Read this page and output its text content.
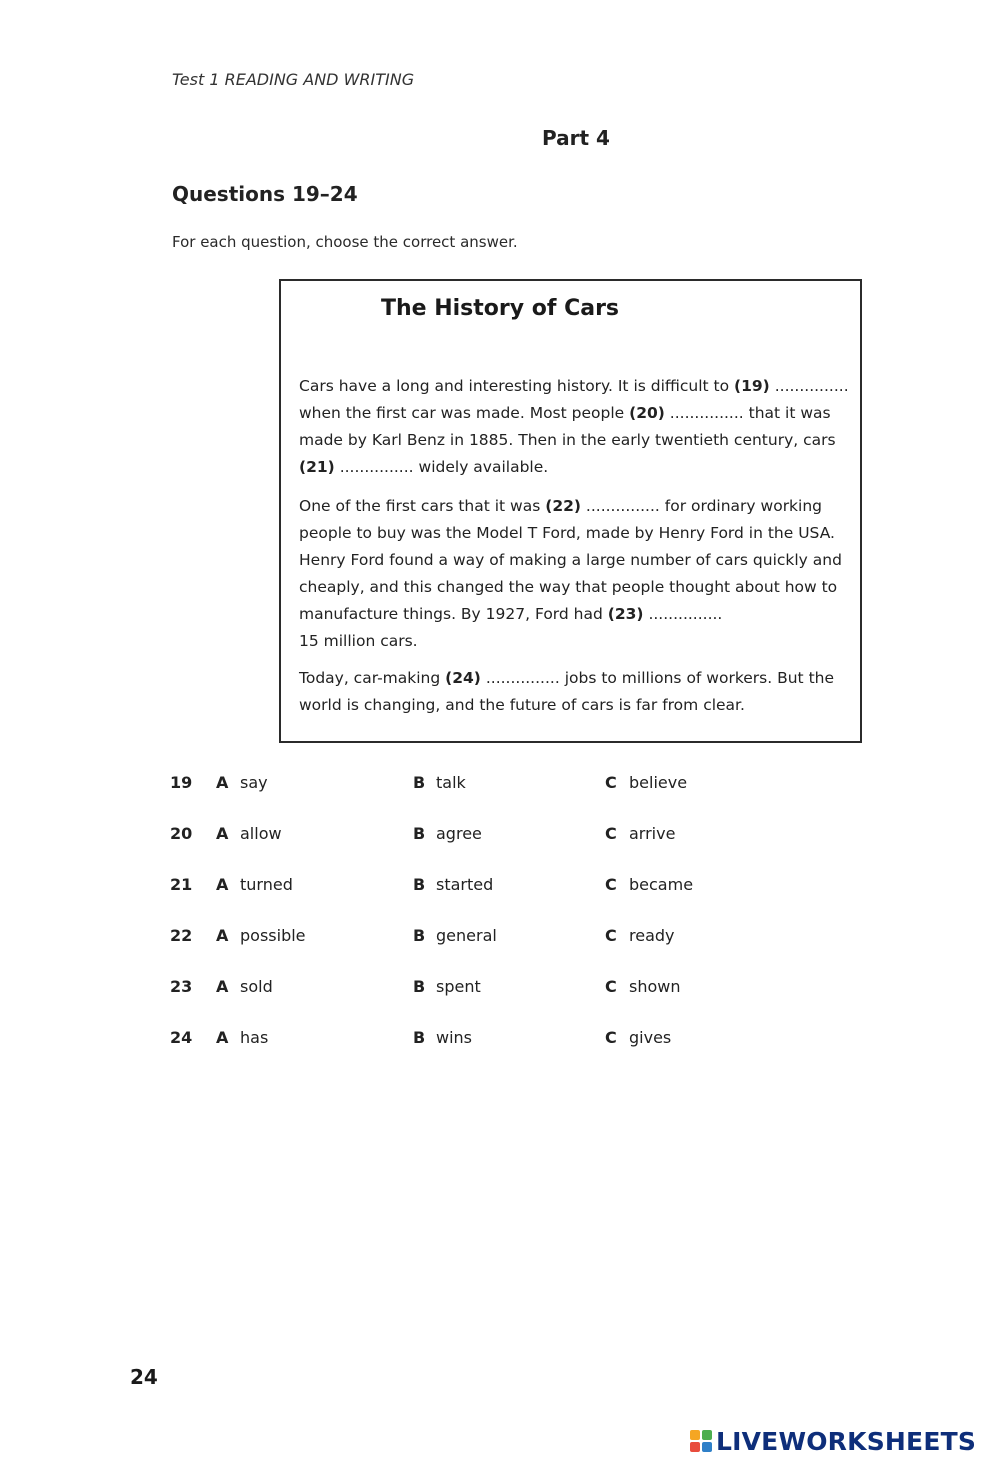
Test 1 READING AND WRITING
Part 4
Questions 19–24
For each question, choose the correct answer.
The History of Cars
Cars have a long and interesting history. It is difficult to (19) ............... when the first car was made. Most people (20) ............... that it was made by Karl Benz in 1885. Then in the early twentieth century, cars (21) ............... widely available.
One of the first cars that it was (22) ............... for ordinary working people to buy was the Model T Ford, made by Henry Ford in the USA. Henry Ford found a way of making a large number of cars quickly and cheaply, and this changed the way that people thought about how to manufacture things. By 1927, Ford had (23) ...............
15 million cars.
Today, car-making (24) ............... jobs to millions of workers. But the world is changing, and the future of cars is far from clear.
19 A say	B talk	C believe
20 A allow	B agree	C arrive
21 A turned	B started	C became
22 A possible	B general	C ready
23 A sold	B spent	C shown
24 A has	B wins	C gives
24
LIVEWORKSHEETS
